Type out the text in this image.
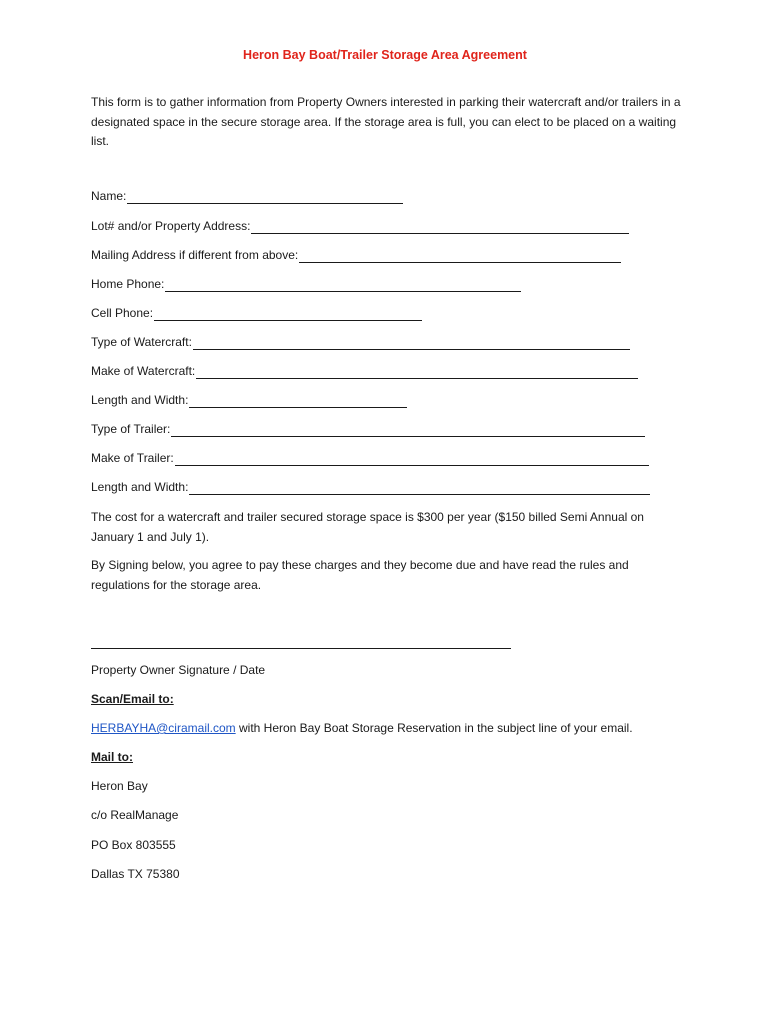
Heron Bay Boat/Trailer Storage Area Agreement
This form is to gather information from Property Owners interested in parking their watercraft and/or trailers in a designated space in the secure storage area. If the storage area is full, you can elect to be placed on a waiting list.
Name:
Lot# and/or Property Address:
Mailing Address if different from above:
Home Phone:
Cell Phone:
Type of Watercraft:
Make of Watercraft:
Length and Width:
Type of Trailer:
Make of Trailer:
Length and Width:
The cost for a watercraft and trailer secured storage space is $300 per year ($150 billed Semi Annual on January 1 and July 1).
By Signing below, you agree to pay these charges and they become due and have read the rules and regulations for the storage area.
Property Owner Signature / Date
Scan/Email to:
HERBAYHA@ciramail.com with Heron Bay Boat Storage Reservation in the subject line of your email.
Mail to:
Heron Bay
c/o RealManage
PO Box 803555
Dallas TX 75380
